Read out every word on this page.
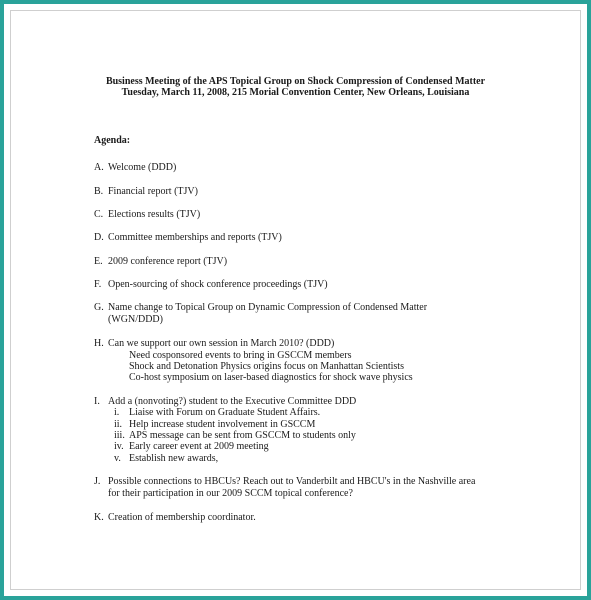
Business Meeting of the APS Topical Group on Shock Compression of Condensed Matter
Tuesday, March 11, 2008, 215 Morial Convention Center, New Orleans, Louisiana
Agenda:
A. Welcome (DDD)
B. Financial report (TJV)
C. Elections results (TJV)
D. Committee memberships and reports (TJV)
E. 2009 conference report (TJV)
F. Open-sourcing of shock conference proceedings (TJV)
G. Name change to Topical Group on Dynamic Compression of Condensed Matter
(WGN/DDD)
H. Can we support our own session in March 2010? (DDD)
Need cosponsored events to bring in GSCCM members
Shock and Detonation Physics origins focus on Manhattan Scientists
Co-host symposium on laser-based diagnostics for shock wave physics
I. Add a (nonvoting?) student to the Executive Committee DDD
i. Liaise with Forum on Graduate Student Affairs.
ii. Help increase student involvement in GSCCM
iii. APS message can be sent from GSCCM to students only
iv. Early career event at 2009 meeting
v. Establish new awards,
J. Possible connections to HBCUs? Reach out to Vanderbilt and HBCU's in the Nashville area
for their participation in our 2009 SCCM topical conference?
K. Creation of membership coordinator.
